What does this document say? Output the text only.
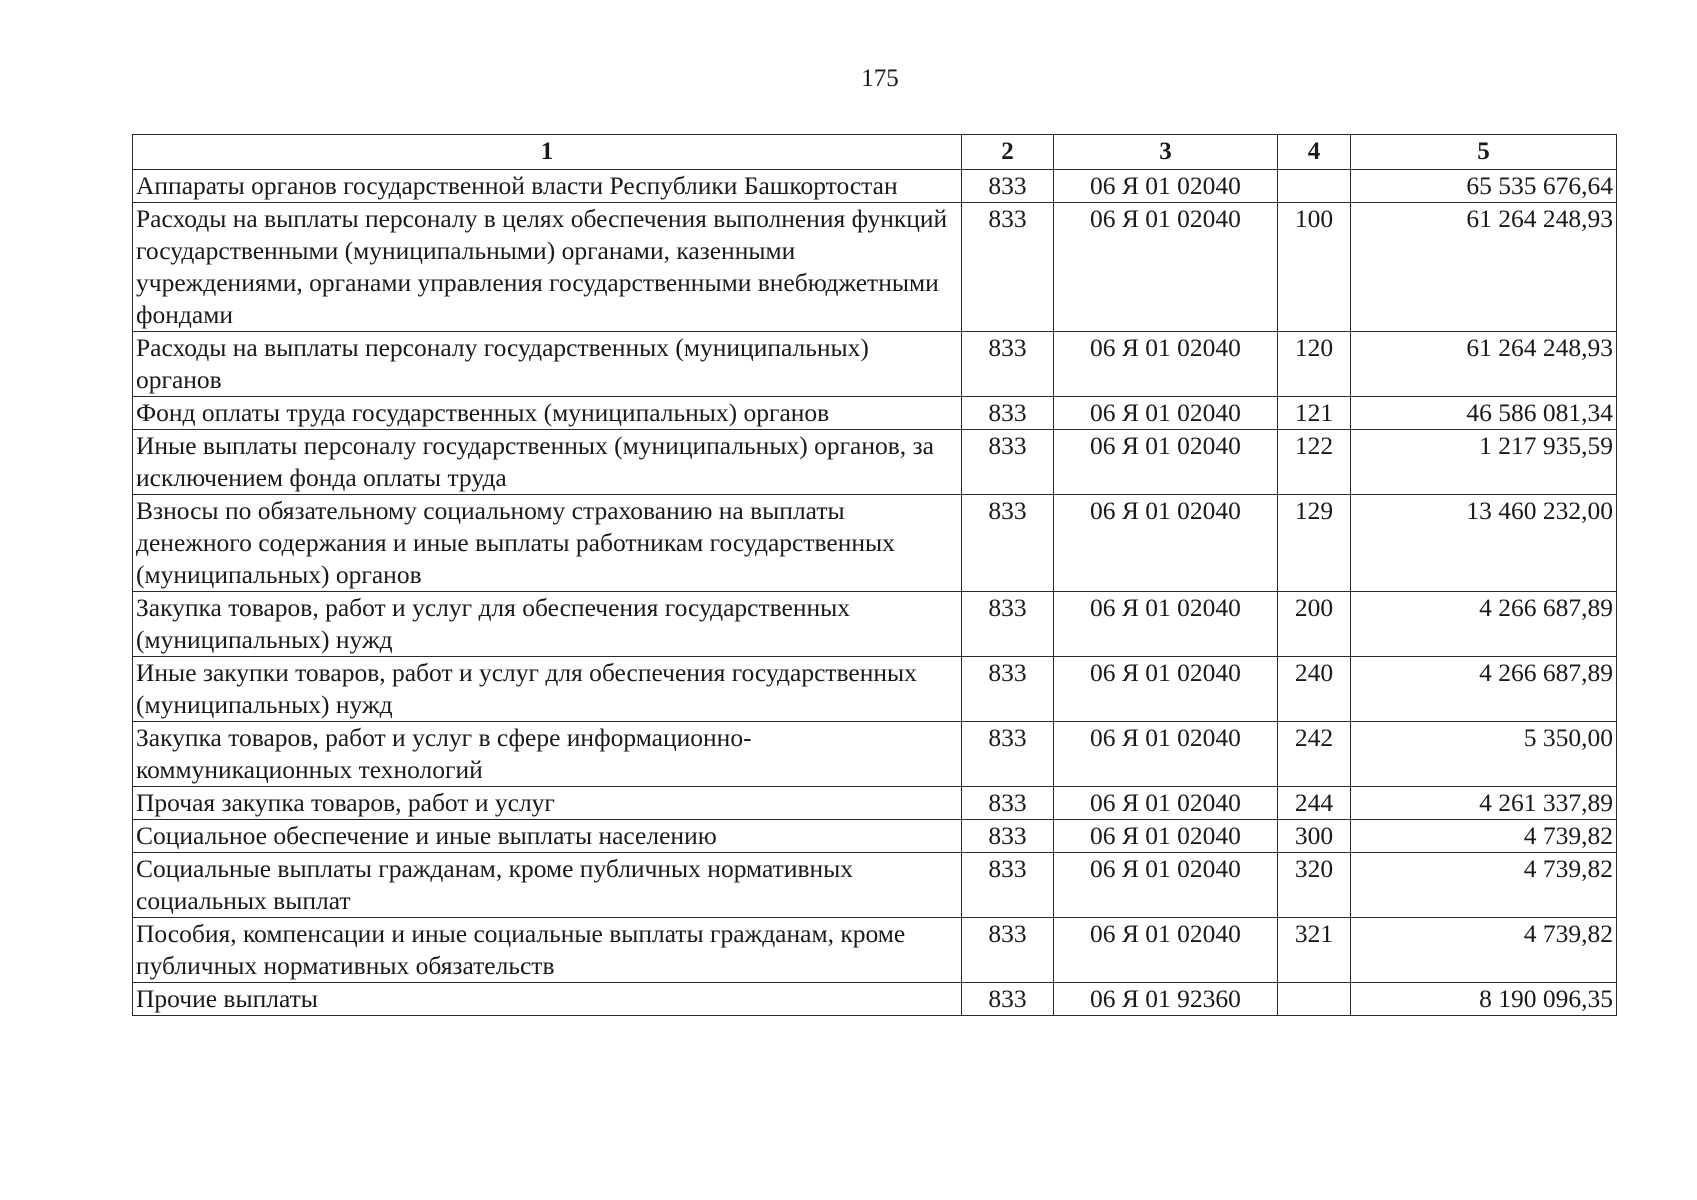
175
1	2	3	4	5
Аппараты органов государственной власти Республики Башкортостан	833	06 Я 01 02040		65 535 676,64
Расходы на выплаты персоналу в целях обеспечения выполнения функций государственными (муниципальными) органами, казенными учреждениями, органами управления государственными внебюджетными фондами	833	06 Я 01 02040	100	61 264 248,93
Расходы на выплаты персоналу государственных (муниципальных) органов	833	06 Я 01 02040	120	61 264 248,93
Фонд оплаты труда государственных (муниципальных) органов	833	06 Я 01 02040	121	46 586 081,34
Иные выплаты персоналу государственных (муниципальных) органов, за исключением фонда оплаты труда	833	06 Я 01 02040	122	1 217 935,59
Взносы по обязательному социальному страхованию на выплаты денежного содержания и иные выплаты работникам государственных (муниципальных) органов	833	06 Я 01 02040	129	13 460 232,00
Закупка товаров, работ и услуг для обеспечения государственных (муниципальных) нужд	833	06 Я 01 02040	200	4 266 687,89
Иные закупки товаров, работ и услуг для обеспечения государственных (муниципальных) нужд	833	06 Я 01 02040	240	4 266 687,89
Закупка товаров, работ и услуг в сфере информационно-коммуникационных технологий	833	06 Я 01 02040	242	5 350,00
Прочая закупка товаров, работ и услуг	833	06 Я 01 02040	244	4 261 337,89
Социальное обеспечение и иные выплаты населению	833	06 Я 01 02040	300	4 739,82
Социальные выплаты гражданам, кроме публичных нормативных социальных выплат	833	06 Я 01 02040	320	4 739,82
Пособия, компенсации и иные социальные выплаты гражданам, кроме публичных нормативных обязательств	833	06 Я 01 02040	321	4 739,82
Прочие выплаты	833	06 Я 01 92360		8 190 096,35
